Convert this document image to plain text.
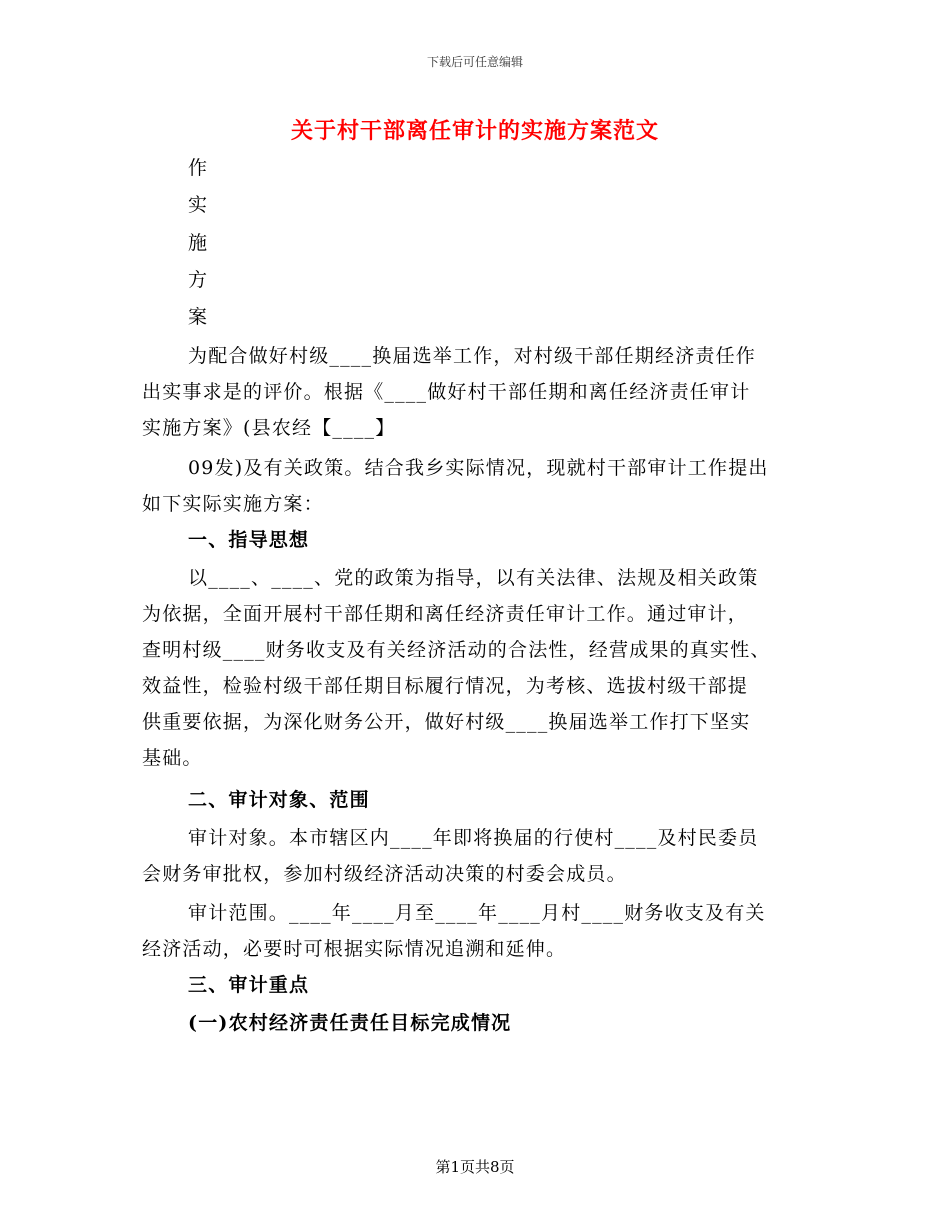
下载后可任意编辑
关于村干部离任审计的实施方案范文
作
实
施
方
案
为配合做好村级____换届选举工作，对村级干部任期经济责任作
出实事求是的评价。根据《____做好村干部任期和离任经济责任审计
实施方案》(县农经【____】
09发)及有关政策。结合我乡实际情况，现就村干部审计工作提出
如下实际实施方案：
一、指导思想
以____、____、党的政策为指导，以有关法律、法规及相关政策
为依据，全面开展村干部任期和离任经济责任审计工作。通过审计，
查明村级____财务收支及有关经济活动的合法性，经营成果的真实性、
效益性，检验村级干部任期目标履行情况，为考核、选拔村级干部提
供重要依据，为深化财务公开，做好村级____换届选举工作打下坚实
基础。
二、审计对象、范围
审计对象。本市辖区内____年即将换届的行使村____及村民委员
会财务审批权，参加村级经济活动决策的村委会成员。
审计范围。____年____月至____年____月村____财务收支及有关
经济活动，必要时可根据实际情况追溯和延伸。
三、审计重点
(一)农村经济责任责任目标完成情况
第1页共8页
